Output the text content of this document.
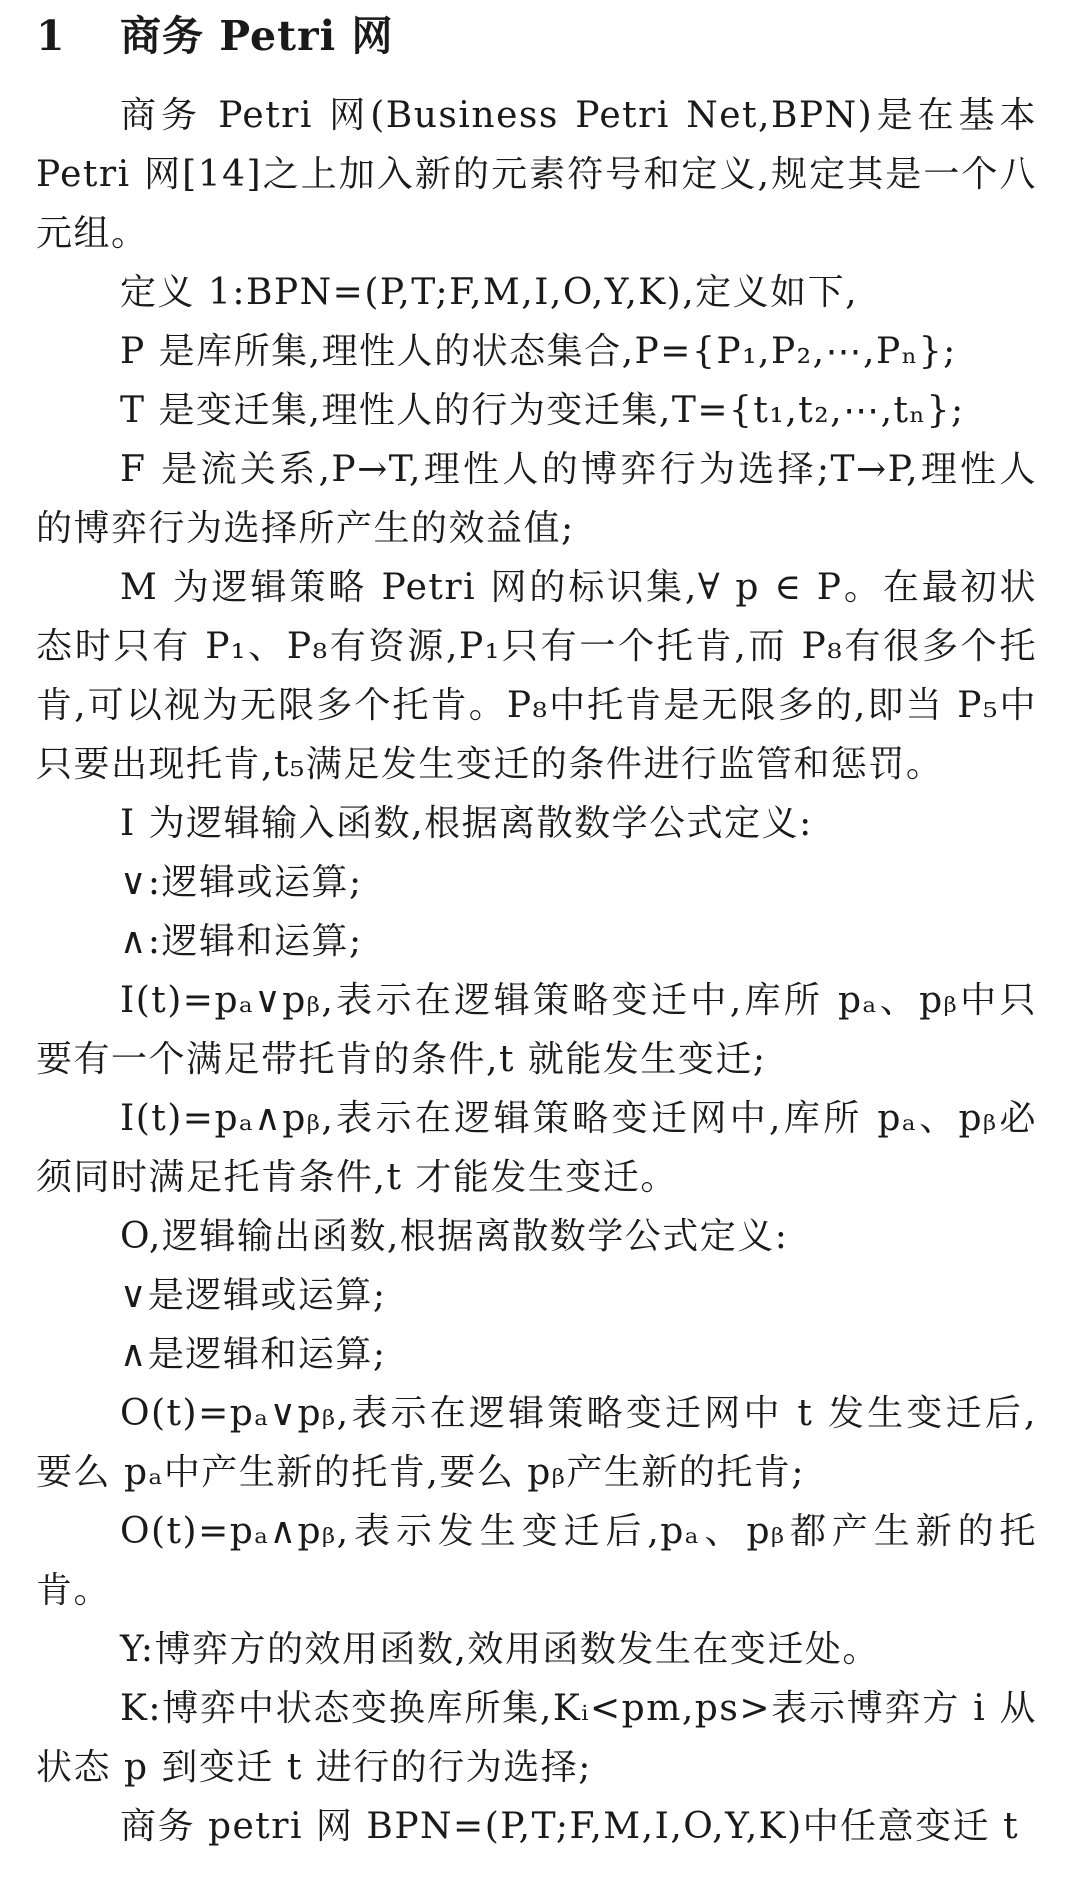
1 商务 Petri 网

商务 Petri 网(Business Petri Net,BPN)是在基本 Petri 网[14]之上加入新的元素符号和定义,规定其是一个八元组。

定义 1:BPN=(P,T;F,M,I,O,Y,K),定义如下,

P 是库所集,理性人的状态集合,P={P₁,P₂,⋯,Pₙ};

T 是变迁集,理性人的行为变迁集,T={t₁,t₂,⋯,tₙ};

F 是流关系,P→T,理性人的博弈行为选择;T→P,理性人的博弈行为选择所产生的效益值;

M 为逻辑策略 Petri 网的标识集,∀ p ∈ P。在最初状态时只有 P₁、P₈有资源,P₁只有一个托肯,而 P₈有很多个托肯,可以视为无限多个托肯。P₈中托肯是无限多的,即当 P₅中只要出现托肯,t₅满足发生变迁的条件进行监管和惩罚。

I 为逻辑输入函数,根据离散数学公式定义:

∨:逻辑或运算;

∧:逻辑和运算;

I(t)=pₐ∨pᵦ,表示在逻辑策略变迁中,库所 pₐ、pᵦ中只要有一个满足带托肯的条件,t 就能发生变迁;

I(t)=pₐ∧pᵦ,表示在逻辑策略变迁网中,库所 pₐ、pᵦ必须同时满足托肯条件,t 才能发生变迁。

O,逻辑输出函数,根据离散数学公式定义:

∨是逻辑或运算;

∧是逻辑和运算;

O(t)=pₐ∨pᵦ,表示在逻辑策略变迁网中 t 发生变迁后,要么 pₐ中产生新的托肯,要么 pᵦ产生新的托肯;

O(t)=pₐ∧pᵦ,表示发生变迁后,pₐ、pᵦ都产生新的托肯。

Y:博弈方的效用函数,效用函数发生在变迁处。

K:博弈中状态变换库所集,Kᵢ<pm,ps>表示博弈方 i 从状态 p 到变迁 t 进行的行为选择;

商务 petri 网 BPN=(P,T;F,M,I,O,Y,K)中任意变迁 t
